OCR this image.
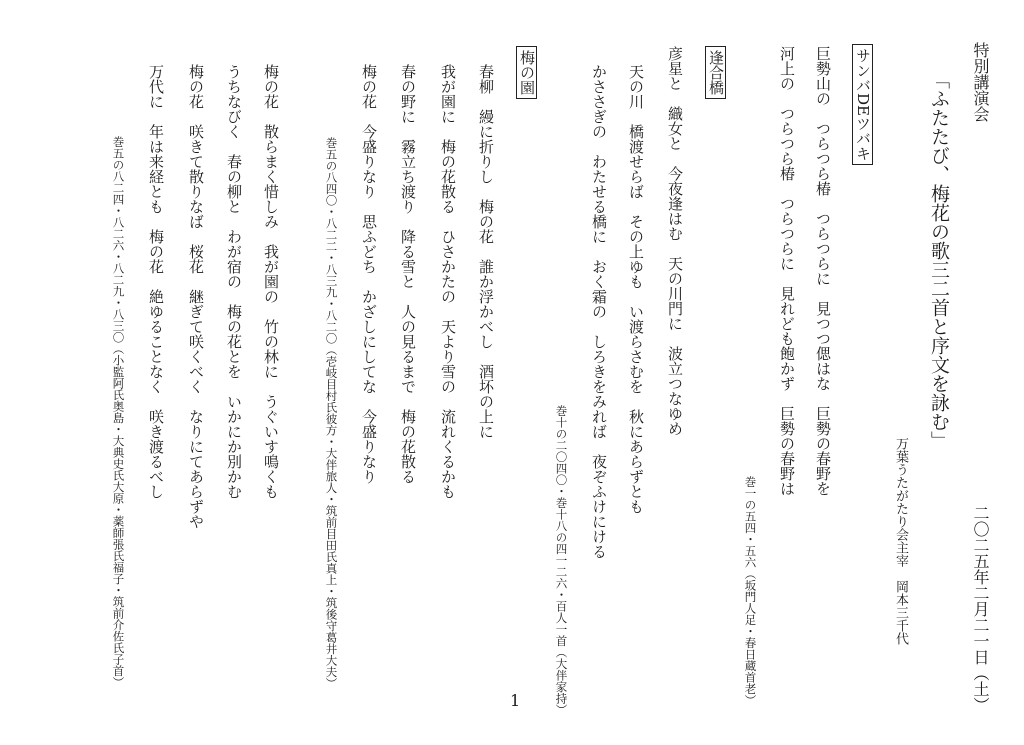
特別講演会
「ふたたび、梅花の歌三二首と序文を詠む」
万葉うたがたり会主宰　岡本三千代	二〇二五年二月二一日（土）
サンバDEツバキ
巨勢山の　つらつら椿　つらつらに　見つつ偲はな　巨勢の春野を
河上の　つらつら椿　つらつらに　見れども飽かず　巨勢の春野は
巻一の五四・五六（坂門人足・春日蔵首老）
逢合橋
彦星と　織女と　今夜逢はむ　天の川門に　波立つなゆめ
天の川　橋渡せらば　その上ゆも　い渡らさむを　秋にあらずとも
かささぎの　わたせる橋に　おく霜の　しろきをみれば　夜ぞふけにける
巻十の二〇四〇・巻十八の四一二六・百人一首（大伴家持）
梅の園
春柳　縵に折りし　梅の花　誰か浮かべし　酒坏の上に
我が園に　梅の花散る　ひさかたの　天より雪の　流れくるかも
春の野に　霧立ち渡り　降る雪と　人の見るまで　梅の花散る
梅の花　今盛りなり　思ふどち　かざしにしてな　今盛りなり
巻五の八四〇・八二二・八三九・八二〇（壱岐目村氏彼方・大伴旅人・筑前目田氏真上・筑後守葛井大夫）
梅の花　散らまく惜しみ　我が園の　竹の林に　うぐいす鳴くも
うちなびく　春の柳と　わが宿の　梅の花とを　いかにか別かむ
梅の花　咲きて散りなば　桜花　継ぎて咲くべく　なりにてあらずや
万代に　年は来経とも　梅の花　絶ゆることなく　咲き渡るべし
巻五の八二四・八二六・八二九・八三〇（小監阿氏奥島・大典史氏大原・薬師張氏福子・筑前介佐氏子首）
1
